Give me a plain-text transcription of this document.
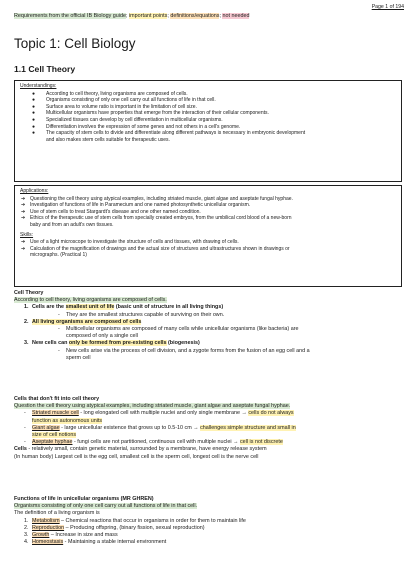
Page 1 of 194
Requirements from the official IB Biology guide; important points; definitions/equations; not needed
Topic 1: Cell Biology
1.1 Cell Theory
Understandings:
● According to cell theory, living organisms are composed of cells.
● Organisms consisting of only one cell carry out all functions of life in that cell.
● Surface area to volume ratio is important in the limitation of cell size.
● Multicellular organisms have properties that emerge from the interaction of their cellular components.
● Specialized tissues can develop by cell differentiation in multicellular organisms.
● Differentiation involves the expression of some genes and not others in a cell's genome.
● The capacity of stem cells to divide and differentiate along different pathways is necessary in embryonic development
and also makes stem cells suitable for therapeutic uses.
Applications:
➔ Questioning the cell theory using atypical examples, including striated muscle, giant algae and aseptate fungal hyphae.
➔ Investigation of functions of life in Paramecium and one named photosynthetic unicellular organism.
➔ Use of stem cells to treat Stargardt's disease and one other named condition.
➔ Ethics of the therapeutic use of stem cells from specially created embryos, from the umbilical cord blood of a new-born
baby and from an adult's own tissues.
Skills:
➔ Use of a light microscope to investigate the structure of cells and tissues, with drawing of cells.
➔ Calculation of the magnification of drawings and the actual size of structures and ultrastructures shown in drawings or
micrographs. (Practical 1)
Cell Theory
According to cell theory, living organisms are composed of cells.
1. Cells are the smallest unit of life (basic unit of structure in all living things)
- They are the smallest structures capable of surviving on their own.
2. All living organisms are composed of cells
- Multicellular organisms are composed of many cells while unicellular organisms (like bacteria) are
composed of only a single cell
3. New cells can only be formed from pre-existing cells (biogenesis)
- New cells arise via the process of cell division, and a zygote forms from the fusion of an egg cell and a
sperm cell
Cells that don't fit into cell theory
Question the cell theory using atypical examples, including striated muscle, giant algae and aseptate fungal hyphae.
- Striated muscle cell - long elongated cell with multiple nuclei and only single membrane → cells do not always
function as autonomous units
- Giant algae - large unicellular existence that grows up to 0.5-10 cm → challenges simple structure and small in
size of cell notions
- Aseptate hyphae - fungi cells are not partitioned, continuous cell with multiple nuclei → cell is not discrete
Cells - relatively small, contain genetic material, surrounded by a membrane, have energy release system
(In human body) Largest cell is the egg cell, smallest cell is the sperm cell, longest cell is the nerve cell
Functions of life in unicellular organisms (MR GHREN)
Organisms consisting of only one cell carry out all functions of life in that cell.
The definition of a living organism is
1. Metabolism – Chemical reactions that occur in organisms in order for them to maintain life
2. Reproduction – Producing offspring, (binary fission, sexual reproduction)
3. Growth – Increase in size and mass
4. Homeostasis - Maintaining a stable internal environment
